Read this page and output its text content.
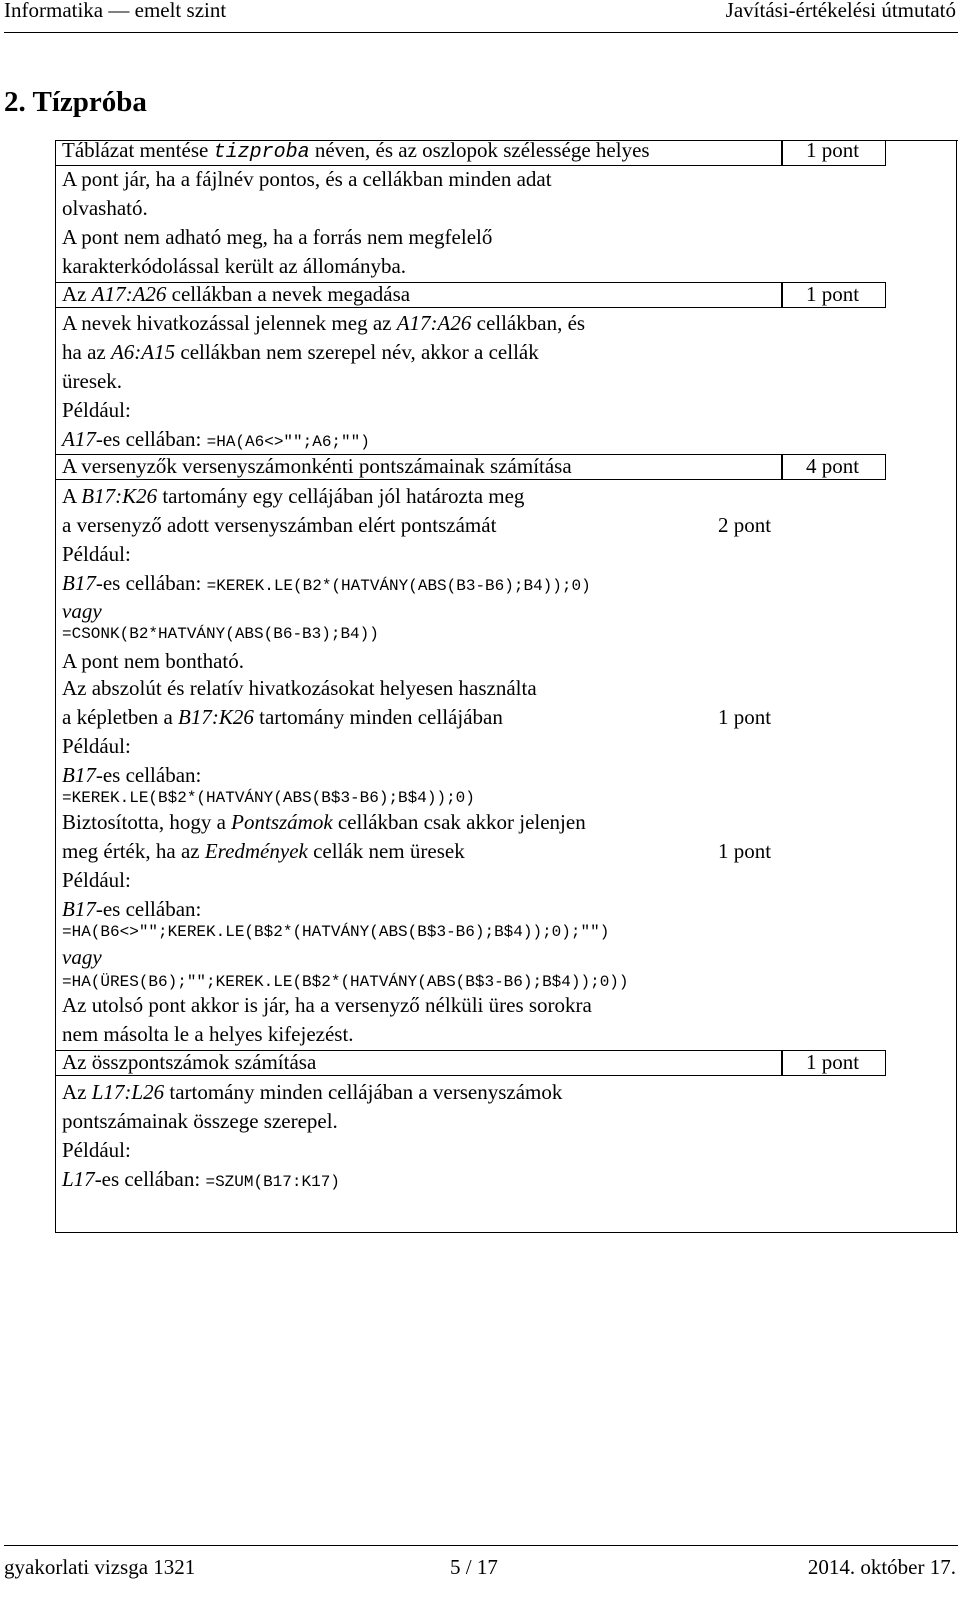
Informatika — emelt szint	Javítási-értékelési útmutató
2. Tízpróba
Táblázat mentése tizproba néven, és az oszlopok szélessége helyes	1 pont
A pont jár, ha a fájlnév pontos, és a cellákban minden adat
olvasható.
A pont nem adható meg, ha a forrás nem megfelelő
karakterkódolással került az állományba.
Az A17:A26 cellákban a nevek megadása	1 pont
A nevek hivatkozással jelennek meg az A17:A26 cellákban, és
ha az A6:A15 cellákban nem szerepel név, akkor a cellák
üresek.
Például:
A17-es cellában: =HA(A6<>"";A6;"")
A versenyzők versenyszámonkénti pontszámainak számítása	4 pont
A B17:K26 tartomány egy cellájában jól határozta meg
a versenyző adott versenyszámban elért pontszámát	2 pont
Például:
B17-es cellában: =KEREK.LE(B2*(HATVÁNY(ABS(B3-B6);B4));0)
vagy
=CSONK(B2*HATVÁNY(ABS(B6-B3);B4))
A pont nem bontható.
Az abszolút és relatív hivatkozásokat helyesen használta
a képletben a B17:K26 tartomány minden cellájában	1 pont
Például:
B17-es cellában:
=KEREK.LE(B$2*(HATVÁNY(ABS(B$3-B6);B$4));0)
Biztosította, hogy a Pontszámok cellákban csak akkor jelenjen
meg érték, ha az Eredmények cellák nem üresek	1 pont
Például:
B17-es cellában:
=HA(B6<>"";KEREK.LE(B$2*(HATVÁNY(ABS(B$3-B6);B$4));0);"")
vagy
=HA(ÜRES(B6);"";KEREK.LE(B$2*(HATVÁNY(ABS(B$3-B6);B$4));0))
Az utolsó pont akkor is jár, ha a versenyző nélküli üres sorokra
nem másolta le a helyes kifejezést.
Az összpontszámok számítása	1 pont
Az L17:L26 tartomány minden cellájában a versenyszámok
pontszámainak összege szerepel.
Például:
L17-es cellában: =SZUM(B17:K17)
gyakorlati vizsga 1321	5 / 17	2014. október 17.
